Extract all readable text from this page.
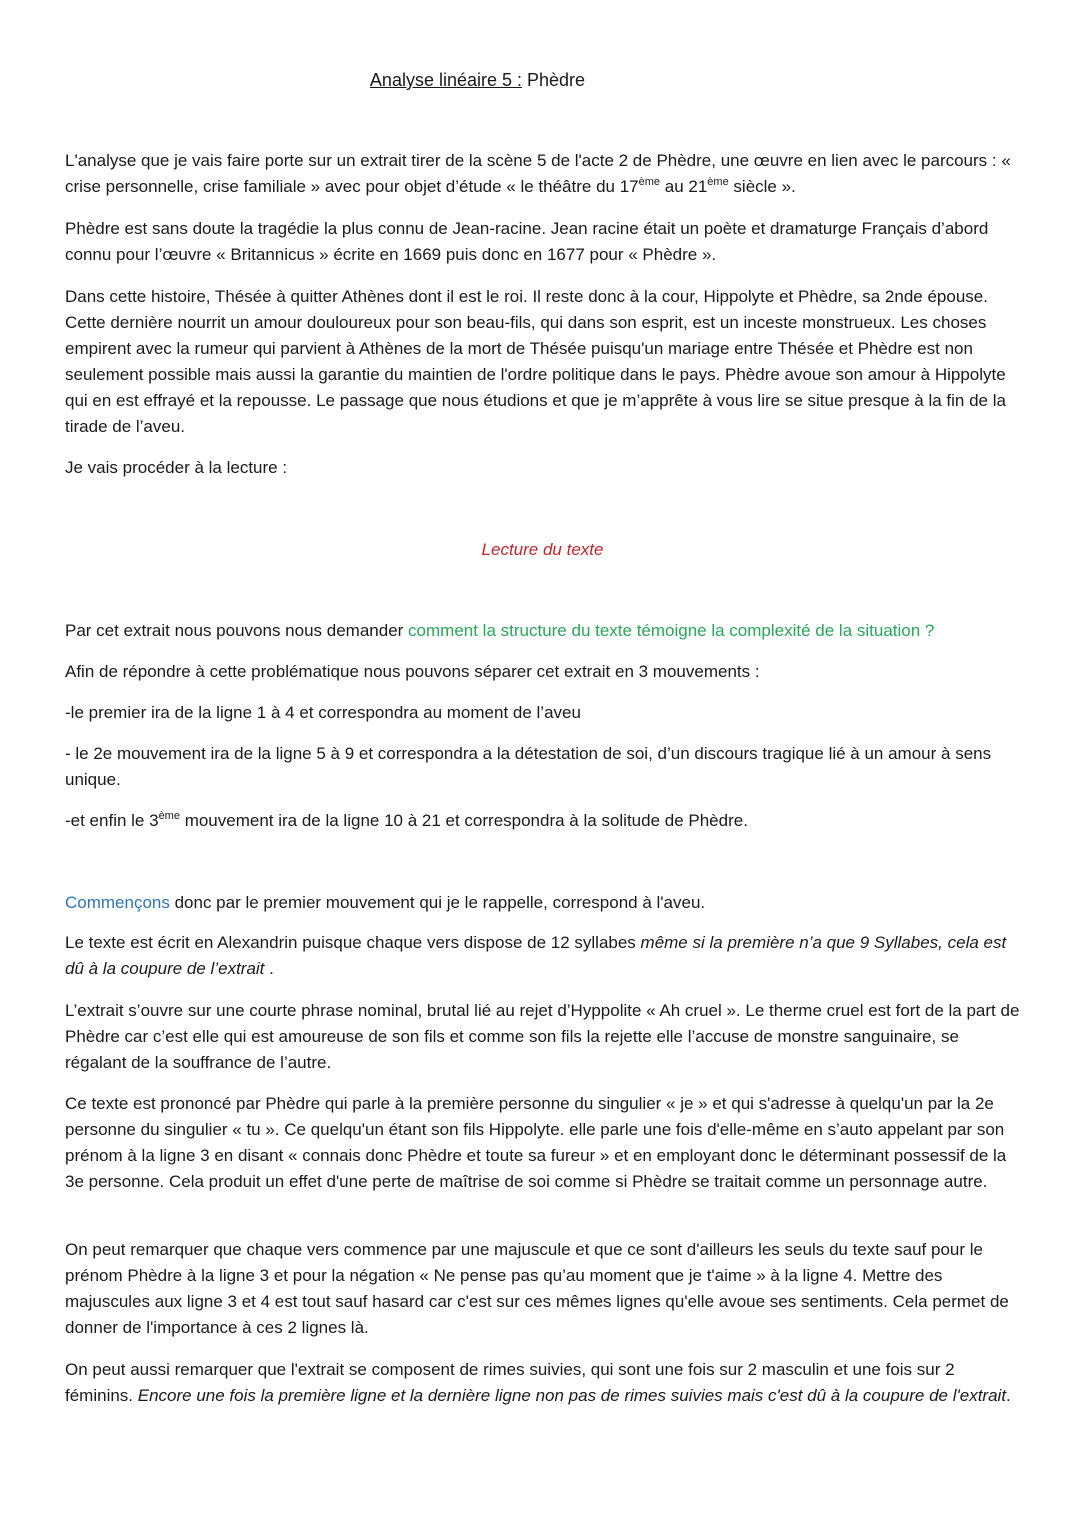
Analyse linéaire 5 : Phèdre

L'analyse que je vais faire porte sur un extrait tirer de la scène 5 de l'acte 2 de Phèdre, une œuvre en lien avec le parcours : « crise personnelle, crise familiale » avec pour objet d’étude « le théâtre du 17ème au 21ème siècle ».

Phèdre est sans doute la tragédie la plus connu de Jean-racine. Jean racine était un poète et dramaturge Français d’abord connu pour l’œuvre « Britannicus » écrite en 1669 puis donc en 1677 pour « Phèdre ».

Dans cette histoire, Thésée à quitter Athènes dont il est le roi. Il reste donc à la cour, Hippolyte et Phèdre, sa 2nde épouse. Cette dernière nourrit un amour douloureux pour son beau-fils, qui dans son esprit, est un inceste monstrueux. Les choses empirent avec la rumeur qui parvient à Athènes de la mort de Thésée puisqu'un mariage entre Thésée et Phèdre est non seulement possible mais aussi la garantie du maintien de l'ordre politique dans le pays. Phèdre avoue son amour à Hippolyte qui en est effrayé et la repousse. Le passage que nous étudions et que je m’apprête à vous lire se situe presque à la fin de la tirade de l’aveu.

Je vais procéder à la lecture :

Lecture du texte

Par cet extrait nous pouvons nous demander comment la structure du texte témoigne la complexité de la situation ?

Afin de répondre à cette problématique nous pouvons séparer cet extrait en 3 mouvements :

-le premier ira de la ligne 1 à 4 et correspondra au moment de l’aveu

- le 2e mouvement ira de la ligne 5 à 9 et correspondra a la détestation de soi, d’un discours tragique lié à un amour à sens unique.

-et enfin le 3ème mouvement ira de la ligne 10 à 21 et correspondra à la solitude de Phèdre.

Commençons donc par le premier mouvement qui je le rappelle, correspond à l'aveu.

Le texte est écrit en Alexandrin puisque chaque vers dispose de 12 syllabes même si la première n’a que 9 Syllabes, cela est dû à la coupure de l’extrait .

L’extrait s’ouvre sur une courte phrase nominal, brutal lié au rejet d’Hyppolite « Ah cruel ». Le therme cruel est fort de la part de Phèdre car c’est elle qui est amoureuse de son fils et comme son fils la rejette elle l’accuse de monstre sanguinaire, se régalant de la souffrance de l’autre.

Ce texte est prononcé par Phèdre qui parle à la première personne du singulier « je » et qui s'adresse à quelqu'un par la 2e personne du singulier « tu ». Ce quelqu'un étant son fils Hippolyte. elle parle une fois d'elle-même en s’auto appelant par son prénom à la ligne 3 en disant « connais donc Phèdre et toute sa fureur » et en employant donc le déterminant possessif de la 3e personne. Cela produit un effet d'une perte de maîtrise de soi comme si Phèdre se traitait comme un personnage autre.

On peut remarquer que chaque vers commence par une majuscule et que ce sont d'ailleurs les seuls du texte sauf pour le prénom Phèdre à la ligne 3 et pour la négation « Ne pense pas qu’au moment que je t'aime » à la ligne 4. Mettre des majuscules aux ligne 3 et 4 est tout sauf hasard car c'est sur ces mêmes lignes qu'elle avoue ses sentiments. Cela permet de donner de l'importance à ces 2 lignes là.

On peut aussi remarquer que l'extrait se composent de rimes suivies, qui sont une fois sur 2 masculin et une fois sur 2 féminins. Encore une fois la première ligne et la dernière ligne non pas de rimes suivies mais c'est dû à la coupure de l'extrait.
